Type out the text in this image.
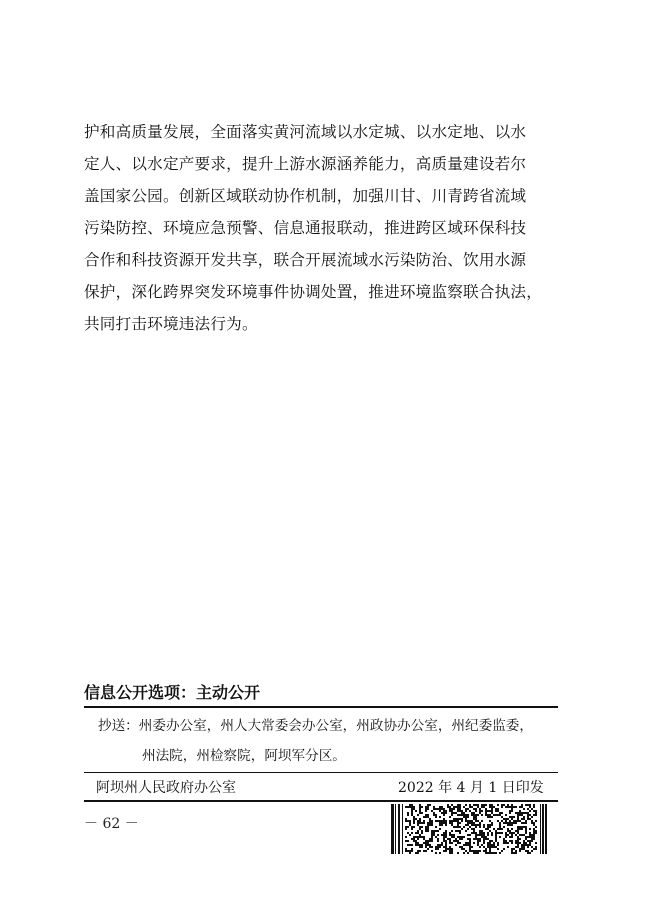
护和高质量发展，全面落实黄河流域以水定城、以水定地、以水
定人、以水定产要求，提升上游水源涵养能力，高质量建设若尔
盖国家公园。创新区域联动协作机制，加强川甘、川青跨省流域
污染防控、环境应急预警、信息通报联动，推进跨区域环保科技
合作和科技资源开发共享，联合开展流域水污染防治、饮用水源
保护，深化跨界突发环境事件协调处置，推进环境监察联合执法，
共同打击环境违法行为。
信息公开选项：主动公开
抄送：州委办公室，州人大常委会办公室，州政协办公室，州纪委监委，
州法院，州检察院，阿坝军分区。
阿坝州人民政府办公室	2022 年 4 月 1 日印发
－ 62 －
